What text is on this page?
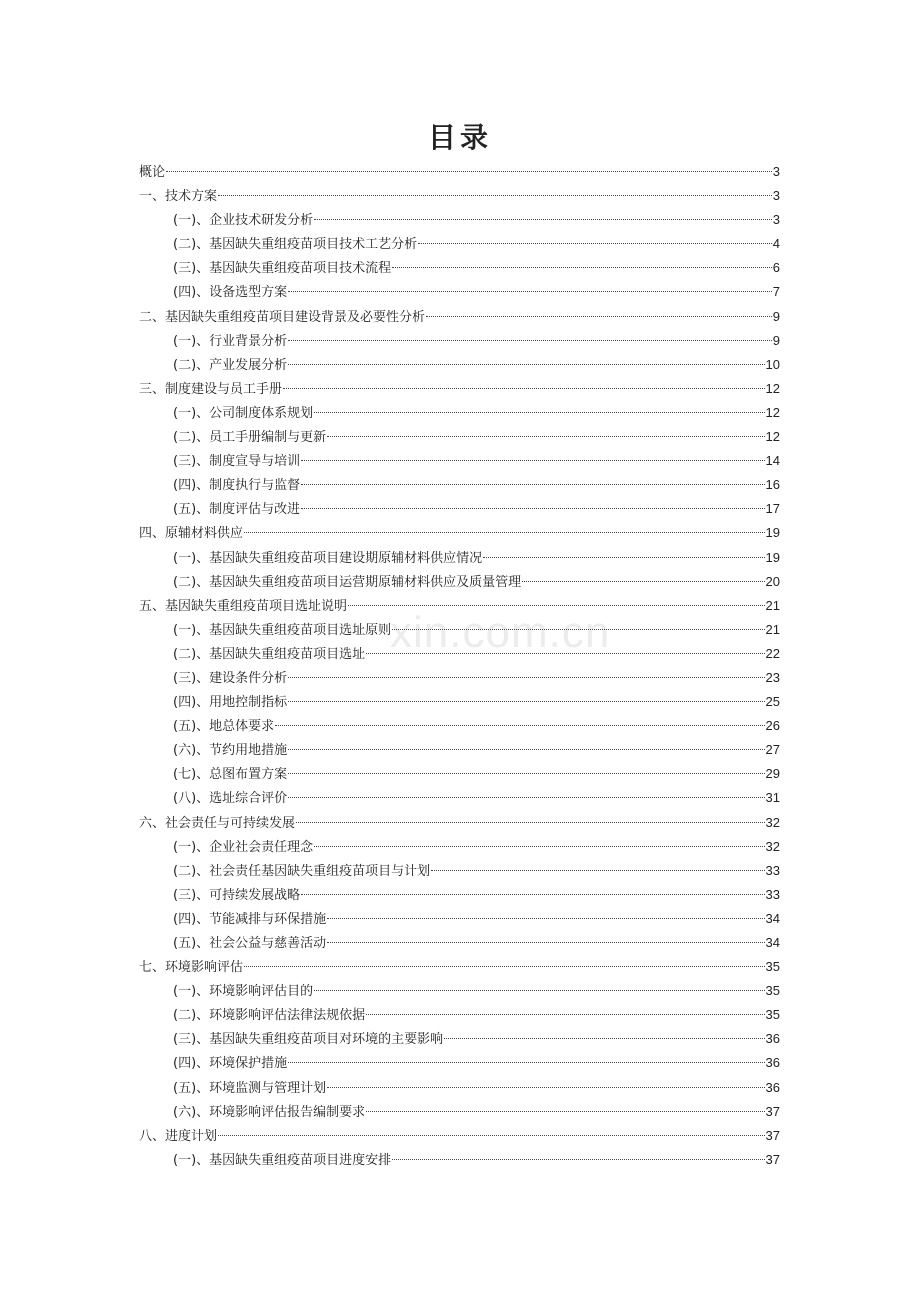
目录
概论	3
一、技术方案	3
(一)、企业技术研发分析	3
(二)、基因缺失重组疫苗项目技术工艺分析	4
(三)、基因缺失重组疫苗项目技术流程	6
(四)、设备选型方案	7
二、基因缺失重组疫苗项目建设背景及必要性分析	9
(一)、行业背景分析	9
(二)、产业发展分析	10
三、制度建设与员工手册	12
(一)、公司制度体系规划	12
(二)、员工手册编制与更新	12
(三)、制度宣导与培训	14
(四)、制度执行与监督	16
(五)、制度评估与改进	17
四、原辅材料供应	19
(一)、基因缺失重组疫苗项目建设期原辅材料供应情况	19
(二)、基因缺失重组疫苗项目运营期原辅材料供应及质量管理	20
五、基因缺失重组疫苗项目选址说明	21
(一)、基因缺失重组疫苗项目选址原则	21
(二)、基因缺失重组疫苗项目选址	22
(三)、建设条件分析	23
(四)、用地控制指标	25
(五)、地总体要求	26
(六)、节约用地措施	27
(七)、总图布置方案	29
(八)、选址综合评价	31
六、社会责任与可持续发展	32
(一)、企业社会责任理念	32
(二)、社会责任基因缺失重组疫苗项目与计划	33
(三)、可持续发展战略	33
(四)、节能减排与环保措施	34
(五)、社会公益与慈善活动	34
七、环境影响评估	35
(一)、环境影响评估目的	35
(二)、环境影响评估法律法规依据	35
(三)、基因缺失重组疫苗项目对环境的主要影响	36
(四)、环境保护措施	36
(五)、环境监测与管理计划	36
(六)、环境影响评估报告编制要求	37
八、进度计划	37
(一)、基因缺失重组疫苗项目进度安排	37
xin.com.cn
